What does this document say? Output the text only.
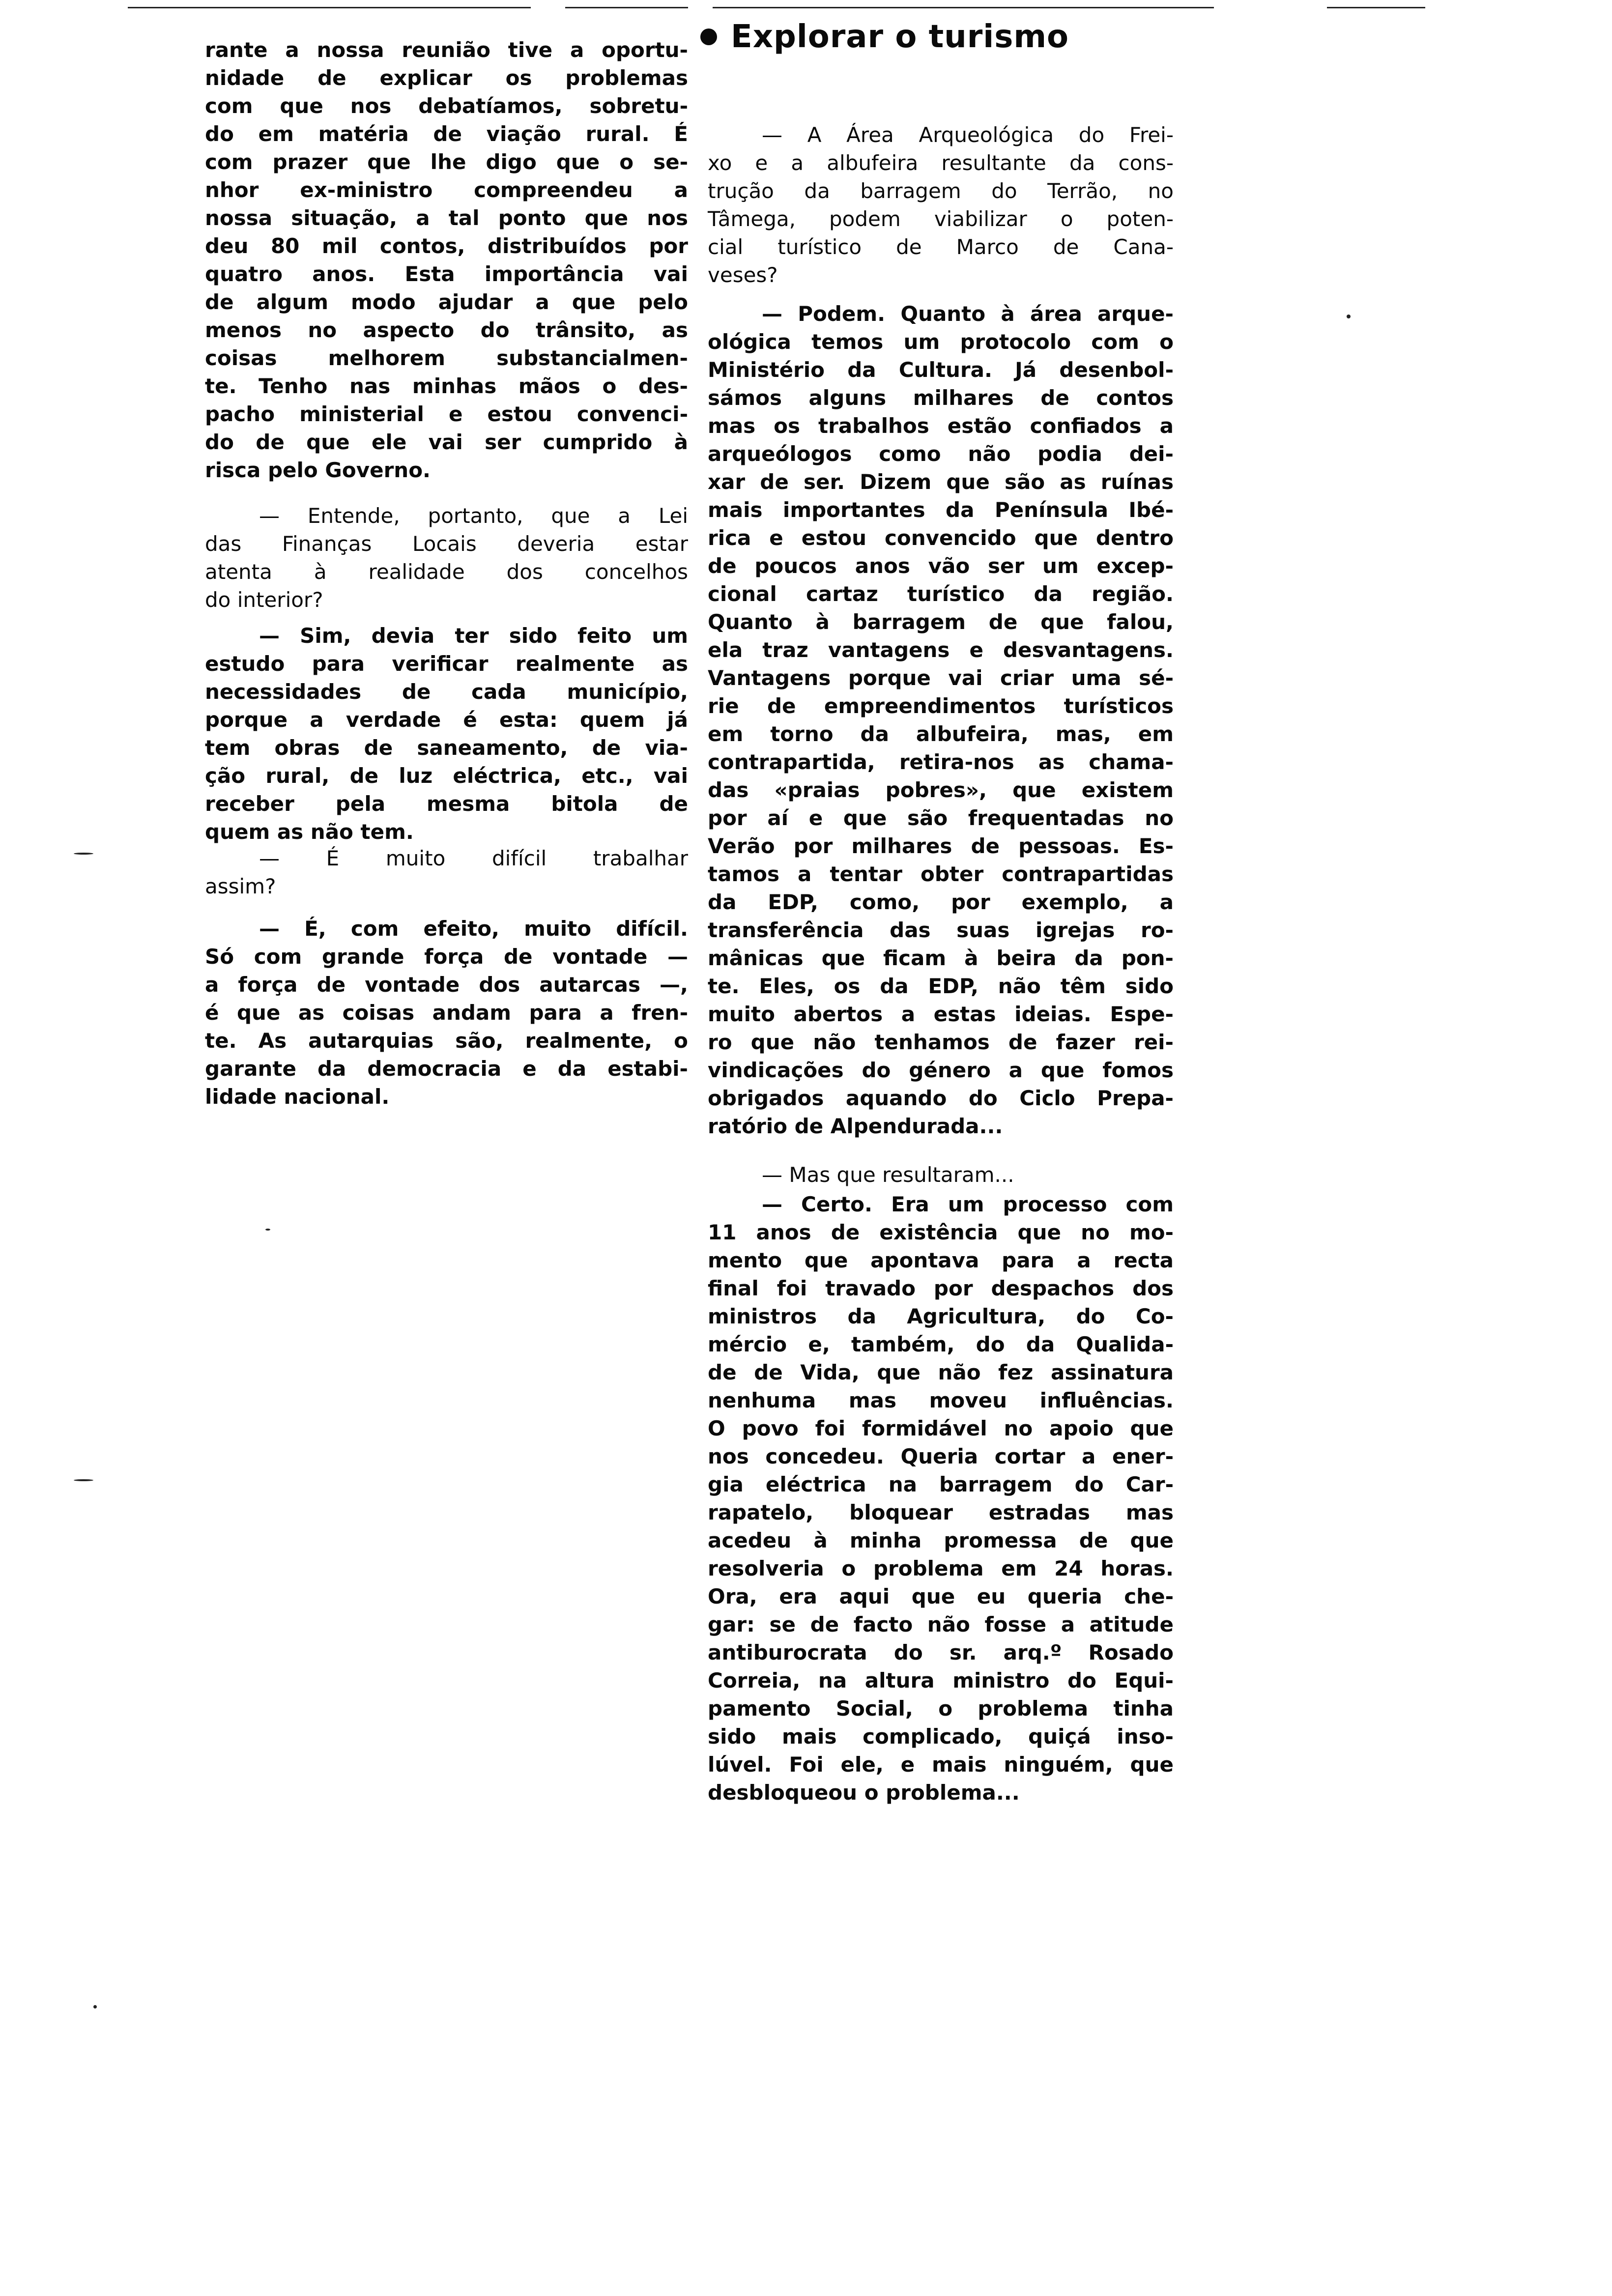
rante a nossa reunião tive a oportu-
nidade de explicar os problemas
com que nos debatíamos, sobretu-
do em matéria de viação rural. É
com prazer que lhe digo que o se-
nhor ex-ministro compreendeu a
nossa situação, a tal ponto que nos
deu 80 mil contos, distribuídos por
quatro anos. Esta importância vai
de algum modo ajudar a que pelo
menos no aspecto do trânsito, as
coisas melhorem substancialmen-
te. Tenho nas minhas mãos o des-
pacho ministerial e estou convenci-
do de que ele vai ser cumprido à
risca pelo Governo.
— Entende, portanto, que a Lei
das Finanças Locais deveria estar
atenta à realidade dos concelhos
do interior?
— Sim, devia ter sido feito um
estudo para verificar realmente as
necessidades de cada município,
porque a verdade é esta: quem já
tem obras de saneamento, de via-
ção rural, de luz eléctrica, etc., vai
receber pela mesma bitola de
quem as não tem.
— É muito difícil trabalhar
assim?
— É, com efeito, muito difícil.
Só com grande força de vontade —
a força de vontade dos autarcas —,
é que as coisas andam para a fren-
te. As autarquias são, realmente, o
garante da democracia e da estabi-
lidade nacional.
Explorar o turismo
— A Área Arqueológica do Frei-
xo e a albufeira resultante da cons-
trução da barragem do Terrão, no
Tâmega, podem viabilizar o poten-
cial turístico de Marco de Cana-
veses?
— Podem. Quanto à área arque-
ológica temos um protocolo com o
Ministério da Cultura. Já desenbol-
sámos alguns milhares de contos
mas os trabalhos estão confiados a
arqueólogos como não podia dei-
xar de ser. Dizem que são as ruínas
mais importantes da Península Ibé-
rica e estou convencido que dentro
de poucos anos vão ser um excep-
cional cartaz turístico da região.
Quanto à barragem de que falou,
ela traz vantagens e desvantagens.
Vantagens porque vai criar uma sé-
rie de empreendimentos turísticos
em torno da albufeira, mas, em
contrapartida, retira-nos as chama-
das «praias pobres», que existem
por aí e que são frequentadas no
Verão por milhares de pessoas. Es-
tamos a tentar obter contrapartidas
da EDP, como, por exemplo, a
transferência das suas igrejas ro-
mânicas que ficam à beira da pon-
te. Eles, os da EDP, não têm sido
muito abertos a estas ideias. Espe-
ro que não tenhamos de fazer rei-
vindicações do género a que fomos
obrigados aquando do Ciclo Prepa-
ratório de Alpendurada...
— Mas que resultaram...
— Certo. Era um processo com
11 anos de existência que no mo-
mento que apontava para a recta
final foi travado por despachos dos
ministros da Agricultura, do Co-
mércio e, também, do da Qualida-
de de Vida, que não fez assinatura
nenhuma mas moveu influências.
O povo foi formidável no apoio que
nos concedeu. Queria cortar a ener-
gia eléctrica na barragem do Car-
rapatelo, bloquear estradas mas
acedeu à minha promessa de que
resolveria o problema em 24 horas.
Ora, era aqui que eu queria che-
gar: se de facto não fosse a atitude
antiburocrata do sr. arq.º Rosado
Correia, na altura ministro do Equi-
pamento Social, o problema tinha
sido mais complicado, quiçá inso-
lúvel. Foi ele, e mais ninguém, que
desbloqueou o problema...
